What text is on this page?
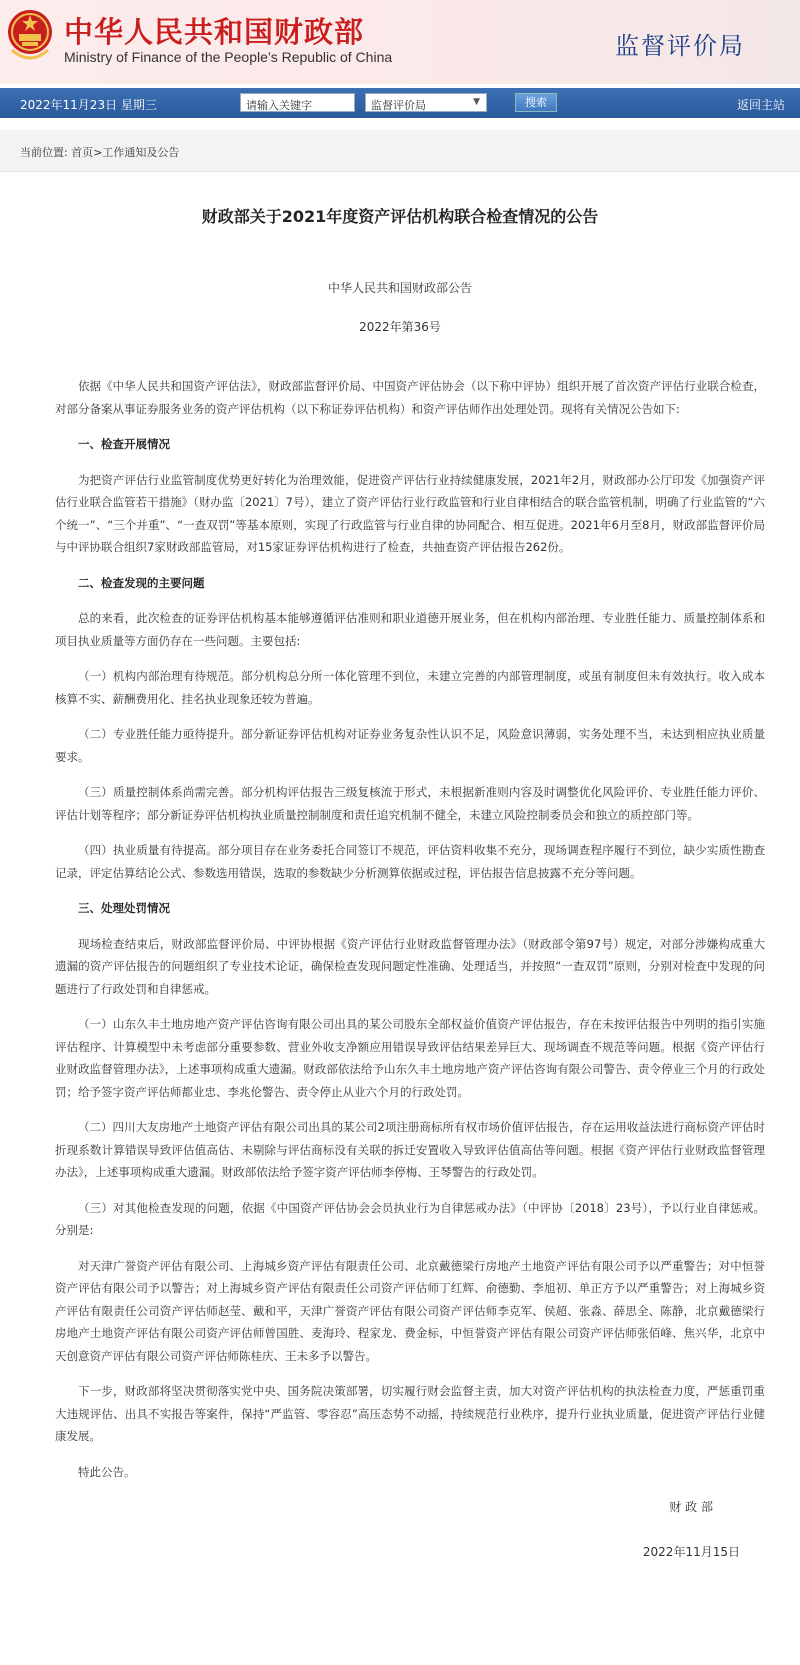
中华人民共和国财政部
Ministry of Finance of the People’s Republic of China	监督评价局
2022年11月23日 星期三	请输入关键字	监督评价局	▼	搜索	返回主站
当前位置: 首页>工作通知及公告
财政部关于2021年度资产评估机构联合检查情况的公告
中华人民共和国财政部公告
2022年第36号

依据《中华人民共和国资产评估法》，财政部监督评价局、中国资产评估协会（以下称中评协）组织开展了首次资产评估行业联合检查，对部分备案从事证券服务业务的资产评估机构（以下称证券评估机构）和资产评估师作出处理处罚。现将有关情况公告如下:

一、检查开展情况

为把资产评估行业监管制度优势更好转化为治理效能，促进资产评估行业持续健康发展，2021年2月，财政部办公厅印发《加强资产评估行业联合监管若干措施》（财办监〔2021〕7号），建立了资产评估行业行政监管和行业自律相结合的联合监管机制，明确了行业监管的“六个统一”、“三个并重”、“一查双罚”等基本原则，实现了行政监管与行业自律的协同配合、相互促进。2021年6月至8月，财政部监督评价局与中评协联合组织7家财政部监管局，对15家证券评估机构进行了检查，共抽查资产评估报告262份。

二、检查发现的主要问题

总的来看，此次检查的证券评估机构基本能够遵循评估准则和职业道德开展业务，但在机构内部治理、专业胜任能力、质量控制体系和项目执业质量等方面仍存在一些问题。主要包括:

（一）机构内部治理有待规范。部分机构总分所一体化管理不到位，未建立完善的内部管理制度，或虽有制度但未有效执行。收入成本核算不实、薪酬费用化、挂名执业现象还较为普遍。

（二）专业胜任能力亟待提升。部分新证券评估机构对证券业务复杂性认识不足，风险意识薄弱，实务处理不当，未达到相应执业质量要求。

（三）质量控制体系尚需完善。部分机构评估报告三级复核流于形式，未根据新准则内容及时调整优化风险评价、专业胜任能力评价、评估计划等程序；部分新证券评估机构执业质量控制制度和责任追究机制不健全，未建立风险控制委员会和独立的质控部门等。

（四）执业质量有待提高。部分项目存在业务委托合同签订不规范，评估资料收集不充分，现场调查程序履行不到位，缺少实质性勘查记录，评定估算结论公式、参数选用错误，选取的参数缺少分析测算依据或过程，评估报告信息披露不充分等问题。

三、处理处罚情况

现场检查结束后，财政部监督评价局、中评协根据《资产评估行业财政监督管理办法》（财政部令第97号）规定，对部分涉嫌构成重大遗漏的资产评估报告的问题组织了专业技术论证，确保检查发现问题定性准确、处理适当，并按照“一查双罚”原则，分别对检查中发现的问题进行了行政处罚和自律惩戒。

（一）山东久丰土地房地产资产评估咨询有限公司出具的某公司股东全部权益价值资产评估报告，存在未按评估报告中列明的指引实施评估程序、计算模型中未考虑部分重要参数、营业外收支净额应用错误导致评估结果差异巨大、现场调查不规范等问题。根据《资产评估行业财政监督管理办法》，上述事项构成重大遗漏。财政部依法给予山东久丰土地房地产资产评估咨询有限公司警告、责令停业三个月的行政处罚；给予签字资产评估师都业忠、李兆伦警告、责令停止从业六个月的行政处罚。

（二）四川大友房地产土地资产评估有限公司出具的某公司2项注册商标所有权市场价值评估报告，存在运用收益法进行商标资产评估时折现系数计算错误导致评估值高估、未剔除与评估商标没有关联的拆迁安置收入导致评估值高估等问题。根据《资产评估行业财政监督管理办法》，上述事项构成重大遗漏。财政部依法给予签字资产评估师李停梅、王琴警告的行政处罚。

（三）对其他检查发现的问题，依据《中国资产评估协会会员执业行为自律惩戒办法》（中评协〔2018〕23号），予以行业自律惩戒。分别是:

对天津广誉资产评估有限公司、上海城乡资产评估有限责任公司、北京戴德梁行房地产土地资产评估有限公司予以严重警告；对中恒誉资产评估有限公司予以警告；对上海城乡资产评估有限责任公司资产评估师丁红辉、俞德勤、李旭初、单正方予以严重警告；对上海城乡资产评估有限责任公司资产评估师赵莹、戴和平，天津广誉资产评估有限公司资产评估师李克军、侯超、张淼、薛思全、陈静，北京戴德梁行房地产土地资产评估有限公司资产评估师曾国胜、麦海玲、程家龙、费金标，中恒誉资产评估有限公司资产评估师张佰峰、焦兴华，北京中天创意资产评估有限公司资产评估师陈桂庆、王未多予以警告。

下一步，财政部将坚决贯彻落实党中央、国务院决策部署，切实履行财会监督主责，加大对资产评估机构的执法检查力度，严惩重罚重大违规评估、出具不实报告等案件，保持“严监管、零容忍”高压态势不动摇，持续规范行业秩序，提升行业执业质量，促进资产评估行业健康发展。

特此公告。

财 政 部
2022年11月15日
